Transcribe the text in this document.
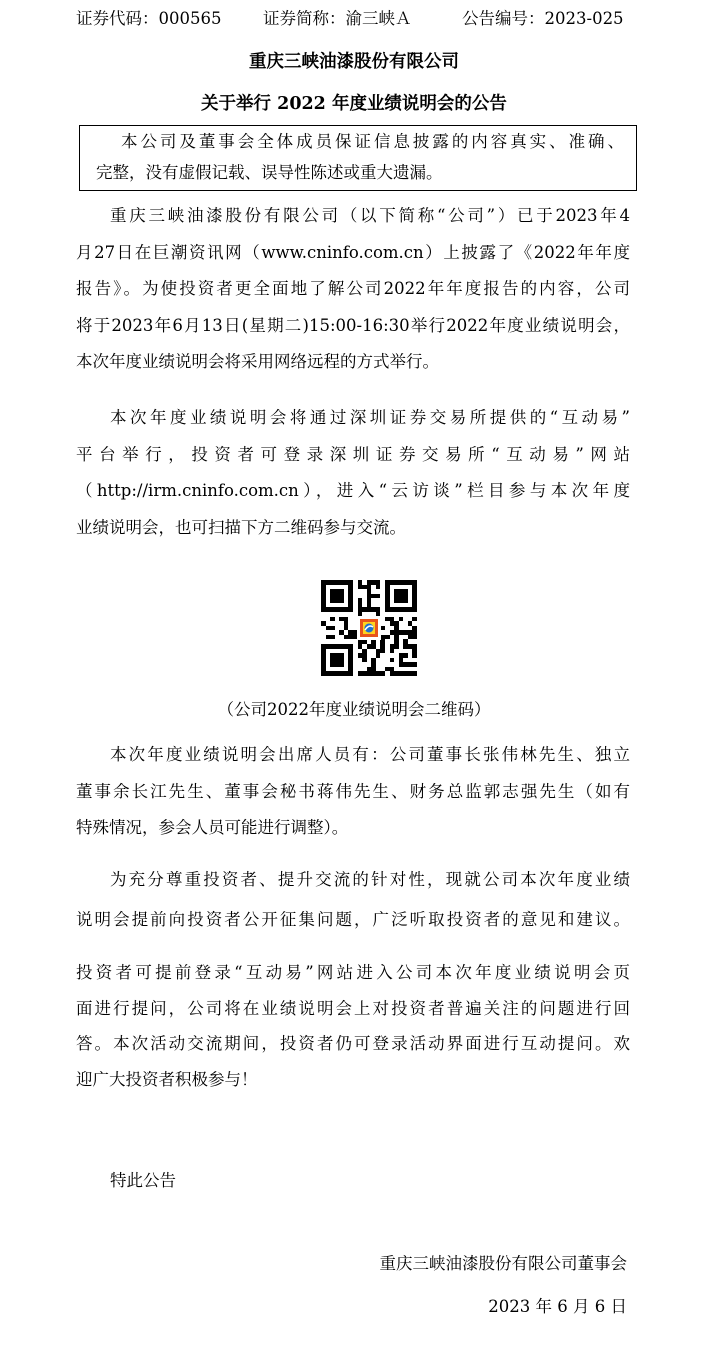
证券代码：000565	证券简称：渝三峡Ａ	公告编号：2023-025
重庆三峡油漆股份有限公司
关于举行 2022 年度业绩说明会的公告
本公司及董事会全体成员保证信息披露的内容真实、准确、
完整，没有虚假记载、误导性陈述或重大遗漏。
重庆三峡油漆股份有限公司（以下简称“公司”）已于2023年4
月27日在巨潮资讯网（www.cninfo.com.cn）上披露了《2022年年度
报告》。为使投资者更全面地了解公司2022年年度报告的内容，公司
将于2023年6月13日(星期二)15:00-16:30举行2022年度业绩说明会，
本次年度业绩说明会将采用网络远程的方式举行。
本次年度业绩说明会将通过深圳证券交易所提供的“互动易”
平台举行，投资者可登录深圳证券交易所“互动易”网站
（http://irm.cninfo.com.cn），进入“云访谈”栏目参与本次年度
业绩说明会，也可扫描下方二维码参与交流。
（公司2022年度业绩说明会二维码）
本次年度业绩说明会出席人员有：公司董事长张伟林先生、独立
董事余长江先生、董事会秘书蒋伟先生、财务总监郭志强先生（如有
特殊情况，参会人员可能进行调整）。
为充分尊重投资者、提升交流的针对性，现就公司本次年度业绩
说明会提前向投资者公开征集问题，广泛听取投资者的意见和建议。
投资者可提前登录“互动易”网站进入公司本次年度业绩说明会页
面进行提问，公司将在业绩说明会上对投资者普遍关注的问题进行回
答。本次活动交流期间，投资者仍可登录活动界面进行互动提问。欢
迎广大投资者积极参与！
特此公告
重庆三峡油漆股份有限公司董事会
2023 年 6 月 6 日
